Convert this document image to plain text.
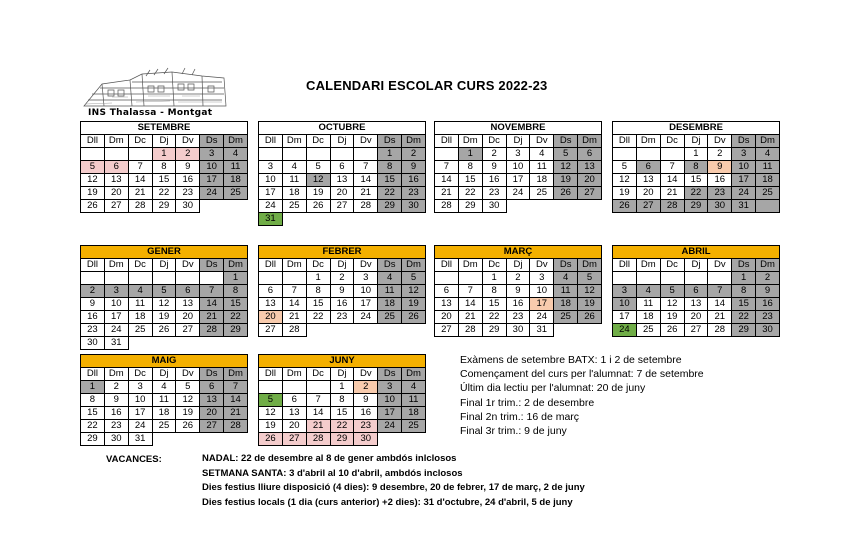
INS Thalassa - Montgat
CALENDARI ESCOLAR CURS 2022-23
SETEMBRE						
Dll	Dm	Dc	Dj	Dv	Ds	Dm
			1	2	3	4
5	6	7	8	9	10	11
12	13	14	15	16	17	18
19	20	21	22	23	24	25
26	27	28	29	30		
OCTUBRE						
Dll	Dm	Dc	Dj	Dv	Ds	Dm
					1	2
3	4	5	6	7	8	9
10	11	12	13	14	15	16
17	18	19	20	21	22	23
24	25	26	27	28	29	30
31						
NOVEMBRE						
Dll	Dm	Dc	Dj	Dv	Ds	Dm
	1	2	3	4	5	6
7	8	9	10	11	12	13
14	15	16	17	18	19	20
21	22	23	24	25	26	27
28	29	30				
DESEMBRE						
Dll	Dm	Dc	Dj	Dv	Ds	Dm
			1	2	3	4
5	6	7	8	9	10	11
12	13	14	15	16	17	18
19	20	21	22	23	24	25
26	27	28	29	30	31	
GENER						
Dll	Dm	Dc	Dj	Dv	Ds	Dm
						1
2	3	4	5	6	7	8
9	10	11	12	13	14	15
16	17	18	19	20	21	22
23	24	25	26	27	28	29
30	31					
FEBRER						
Dll	Dm	Dc	Dj	Dv	Ds	Dm
		1	2	3	4	5
6	7	8	9	10	11	12
13	14	15	16	17	18	19
20	21	22	23	24	25	26
27	28					
MARÇ						
Dll	Dm	Dc	Dj	Dv	Ds	Dm
		1	2	3	4	5
6	7	8	9	10	11	12
13	14	15	16	17	18	19
20	21	22	23	24	25	26
27	28	29	30	31		
ABRIL						
Dll	Dm	Dc	Dj	Dv	Ds	Dm
					1	2
3	4	5	6	7	8	9
10	11	12	13	14	15	16
17	18	19	20	21	22	23
24	25	26	27	28	29	30
MAIG						
Dll	Dm	Dc	Dj	Dv	Ds	Dm
1	2	3	4	5	6	7
8	9	10	11	12	13	14
15	16	17	18	19	20	21
22	23	24	25	26	27	28
29	30	31				
JUNY						
Dll	Dm	Dc	Dj	Dv	Ds	Dm
			1	2	3	4
5	6	7	8	9	10	11
12	13	14	15	16	17	18
19	20	21	22	23	24	25
26	27	28	29	30		
Exàmens de setembre BATX: 1 i 2 de setembre
Començament del curs per l'alumnat: 7 de setembre
Últim dia lectiu per l'alumnat: 20 de juny
Final 1r trim.: 2 de desembre
Final 2n trim.: 16 de març
Final 3r trim.: 9 de juny
VACANCES:	NADAL: 22 de desembre al 8 de gener ambdós inlclosos
SETMANA SANTA: 3 d'abril al 10 d'abril, ambdós inclosos
Dies festius lliure disposició (4 dies): 9 desembre, 20 de febrer, 17 de març, 2 de juny
Dies festius locals (1 dia (curs anterior) +2 dies): 31 d'octubre, 24 d'abril, 5 de juny
